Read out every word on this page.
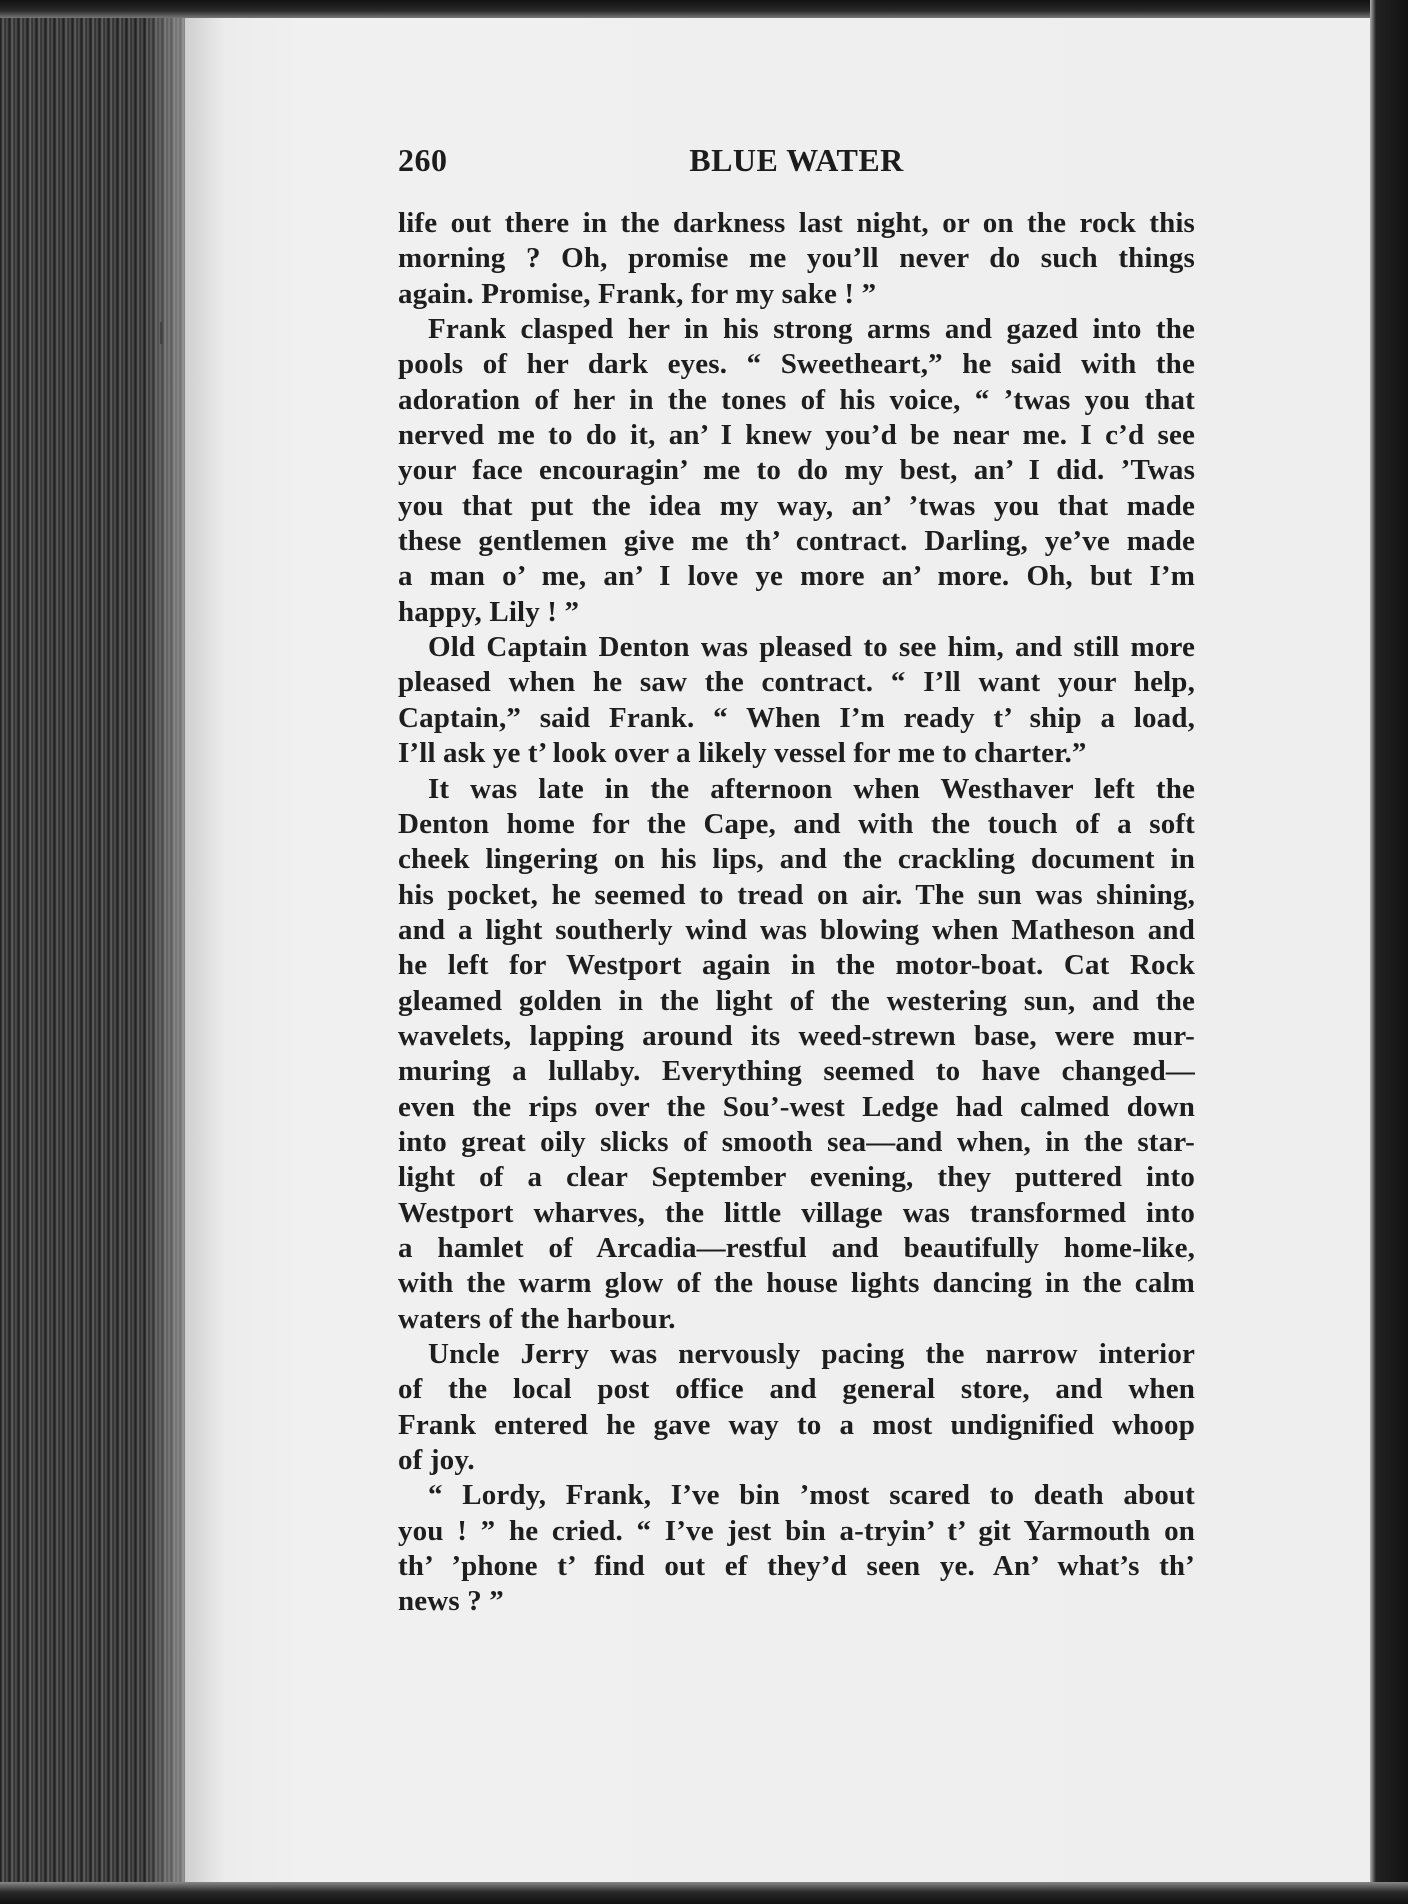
260	BLUE WATER
life out there in the darkness last night, or on the rock this
morning ? Oh, promise me you’ll never do such things
again. Promise, Frank, for my sake ! ”
Frank clasped her in his strong arms and gazed into the
pools of her dark eyes. “ Sweetheart,” he said with the
adoration of her in the tones of his voice, “ ’twas you that
nerved me to do it, an’ I knew you’d be near me. I c’d see
your face encouragin’ me to do my best, an’ I did. ’Twas
you that put the idea my way, an’ ’twas you that made
these gentlemen give me th’ contract. Darling, ye’ve made
a man o’ me, an’ I love ye more an’ more. Oh, but I’m
happy, Lily ! ”
Old Captain Denton was pleased to see him, and still more
pleased when he saw the contract. “ I’ll want your help,
Captain,” said Frank. “ When I’m ready t’ ship a load,
I’ll ask ye t’ look over a likely vessel for me to charter.”
It was late in the afternoon when Westhaver left the
Denton home for the Cape, and with the touch of a soft
cheek lingering on his lips, and the crackling document in
his pocket, he seemed to tread on air. The sun was shining,
and a light southerly wind was blowing when Matheson and
he left for Westport again in the motor-boat. Cat Rock
gleamed golden in the light of the westering sun, and the
wavelets, lapping around its weed-strewn base, were mur-
muring a lullaby. Everything seemed to have changed—
even the rips over the Sou’-west Ledge had calmed down
into great oily slicks of smooth sea—and when, in the star-
light of a clear September evening, they puttered into
Westport wharves, the little village was transformed into
a hamlet of Arcadia—restful and beautifully home-like,
with the warm glow of the house lights dancing in the calm
waters of the harbour.
Uncle Jerry was nervously pacing the narrow interior
of the local post office and general store, and when
Frank entered he gave way to a most undignified whoop
of joy.
“ Lordy, Frank, I’ve bin ’most scared to death about
you ! ” he cried. “ I’ve jest bin a-tryin’ t’ git Yarmouth on
th’ ’phone t’ find out ef they’d seen ye. An’ what’s th’
news ? ”
